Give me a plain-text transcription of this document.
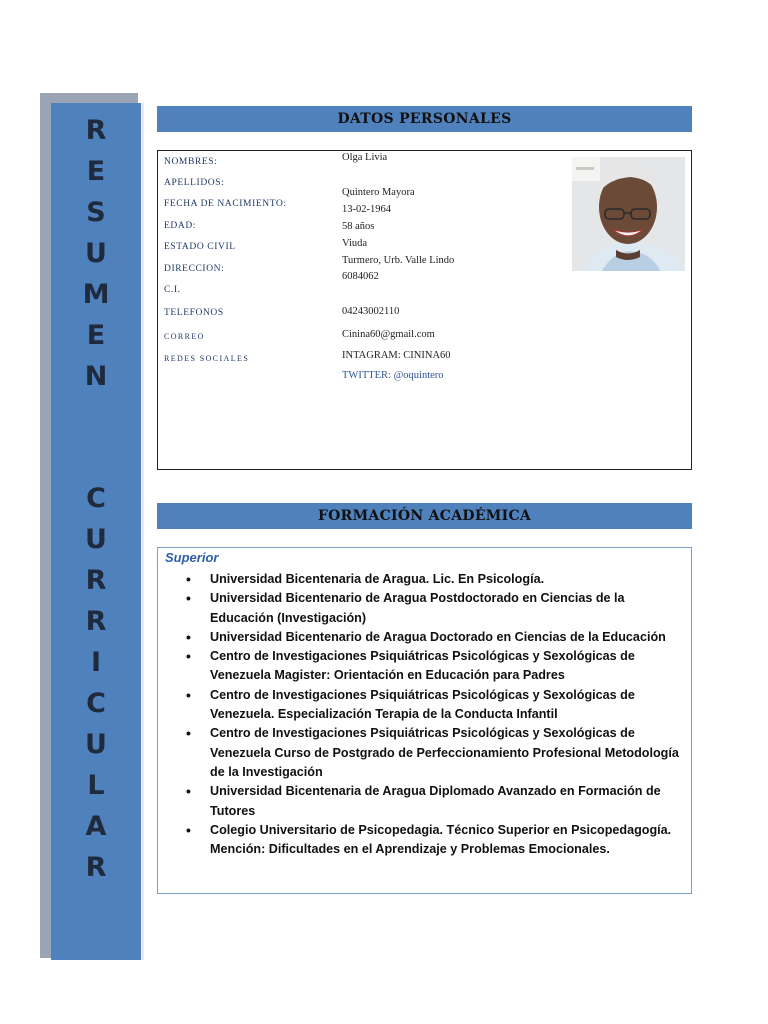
R
E
S
U
M
E
N
C
U
R
R
I
C
U
L
A
R
DATOS PERSONALES
NOMBRES:
APELLIDOS:
FECHA DE NACIMIENTO:
EDAD:
ESTADO CIVIL
DIRECCION:
C.I.
TELEFONOS
CORREO
REDES SOCIALES
Olga Livia
Quintero Mayora
13-02-1964
58 años
Viuda
Turmero, Urb. Valle Lindo
6084062
04243002110
Cinina60@gmail.com
INTAGRAM: CININA60
TWITTER: @oquintero
FORMACIÓN ACADÉMICA
Superior
• Universidad Bicentenaria de Aragua. Lic. En Psicología.
• Universidad Bicentenario de Aragua Postdoctorado en Ciencias de la Educación (Investigación)
• Universidad Bicentenario de Aragua Doctorado en Ciencias de la Educación
• Centro de Investigaciones Psiquiátricas Psicológicas y Sexológicas de Venezuela Magister: Orientación en Educación para Padres
• Centro de Investigaciones Psiquiátricas Psicológicas y Sexológicas de Venezuela. Especialización Terapia de la Conducta Infantil
• Centro de Investigaciones Psiquiátricas Psicológicas y Sexológicas de Venezuela Curso de Postgrado de Perfeccionamiento Profesional Metodología de la Investigación
• Universidad Bicentenaria de Aragua Diplomado Avanzado en Formación de Tutores
• Colegio Universitario de Psicopedagia. Técnico Superior en Psicopedagogía. Mención: Dificultades en el Aprendizaje y Problemas Emocionales.
